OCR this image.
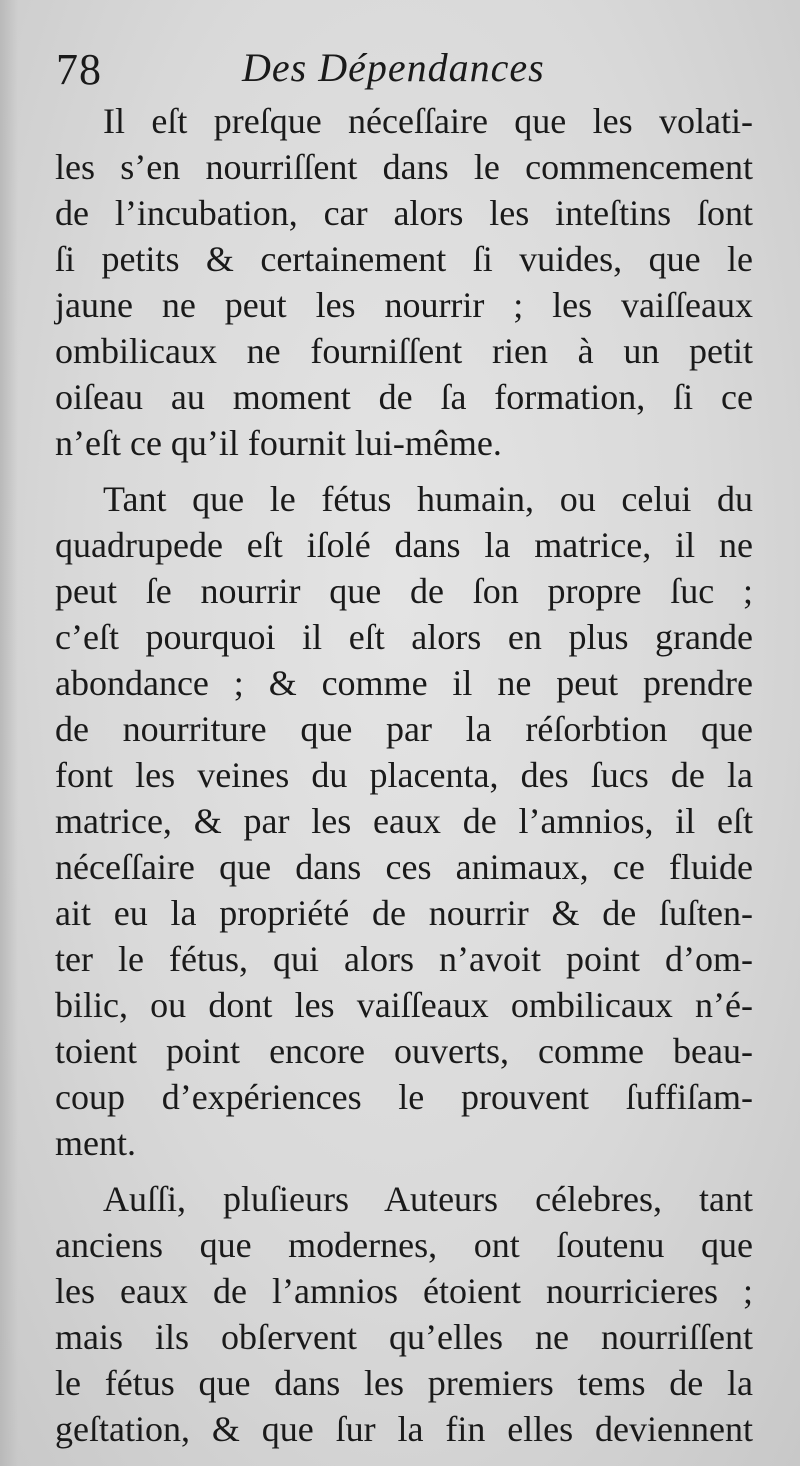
78	Des Dépendances
Il eſt preſque néceſſaire que les volati-
les s’en nourriſſent dans le commencement
de l’incubation, car alors les inteſtins ſont
ſi petits & certainement ſi vuides, que le
jaune ne peut les nourrir ; les vaiſſeaux
ombilicaux ne fourniſſent rien à un petit
oiſeau au moment de ſa formation, ſi ce
n’eſt ce qu’il fournit lui-même.
Tant que le fétus humain, ou celui du
quadrupede eſt iſolé dans la matrice, il ne
peut ſe nourrir que de ſon propre ſuc ;
c’eſt pourquoi il eſt alors en plus grande
abondance ; & comme il ne peut prendre
de nourriture que par la réſorbtion que
font les veines du placenta, des ſucs de la
matrice, & par les eaux de l’amnios, il eſt
néceſſaire que dans ces animaux, ce fluide
ait eu la propriété de nourrir & de ſuſten-
ter le fétus, qui alors n’avoit point d’om-
bilic, ou dont les vaiſſeaux ombilicaux n’é-
toient point encore ouverts, comme beau-
coup d’expériences le prouvent ſuffiſam-
ment.
Auſſi, pluſieurs Auteurs célebres, tant
anciens que modernes, ont ſoutenu que
les eaux de l’amnios étoient nourricieres ;
mais ils obſervent qu’elles ne nourriſſent
le fétus que dans les premiers tems de la
geſtation, & que ſur la fin elles deviennent
